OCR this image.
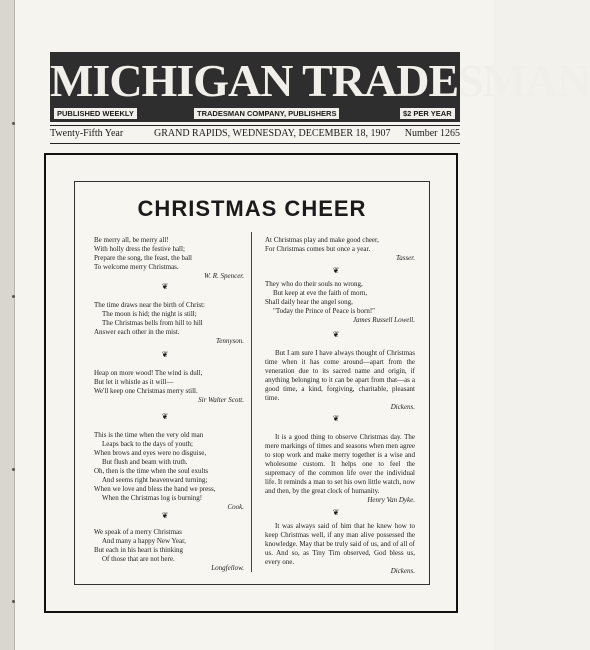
MICHIGAN TRADESMAN
PUBLISHED WEEKLY	TRADESMAN COMPANY, PUBLISHERS	$2 PER YEAR
Twenty-Fifth Year	GRAND RAPIDS, WEDNESDAY, DECEMBER 18, 1907 Number 1265
CHRISTMAS CHEER
Be merry all, be merry all!
With holly dress the festive hall;
Prepare the song, the feast, the ball
To welcome merry Christmas.
W. R. Spencer.
❦
The time draws near the birth of Christ:
The moon is hid; the night is still;
The Christmas bells from hill to hill
Answer each other in the mist.
Tennyson.
❦
Heap on more wood! The wind is dull,
But let it whistle as it will—
We'll keep one Christmas merry still.
Sir Walter Scott.
❦
This is the time when the very old man
Leaps back to the days of youth;
When brows and eyes were no disguise,
But flush and beam with truth.
Oh, then is the time when the soul exults
And seems right heavenward turning;
When we love and bless the hand we press,
When the Christmas log is burning!
Cook.
❦
We speak of a merry Christmas
And many a happy New Year,
But each in his heart is thinking
Of those that are not here.
Longfellow.
At Christmas play and make good cheer,
For Christmas comes but once a year.
Tasser.
❦
They who do their souls no wrong,
But keep at eve the faith of morn,
Shall daily hear the angel song,
"Today the Prince of Peace is born!"
James Russell Lowell.
❦

But I am sure I have always thought of Christmas time when it has come around—apart from the veneration due to its sacred name and origin, if anything belonging to it can be apart from that—as a good time, a kind, forgiving, charitable, pleasant time.

Dickens.
❦

It is a good thing to observe Christmas day. The mere markings of times and seasons when men agree to stop work and make merry together is a wise and wholesome custom. It helps one to feel the supremacy of the common life over the individual life. It reminds a man to set his own little watch, now and then, by the great clock of humanity.

Henry Van Dyke.
❦

It was always said of him that he knew how to keep Christmas well, if any man alive possessed the knowledge. May that be truly said of us, and of all of us. And so, as Tiny Tim observed, God bless us, every one.

Dickens.
